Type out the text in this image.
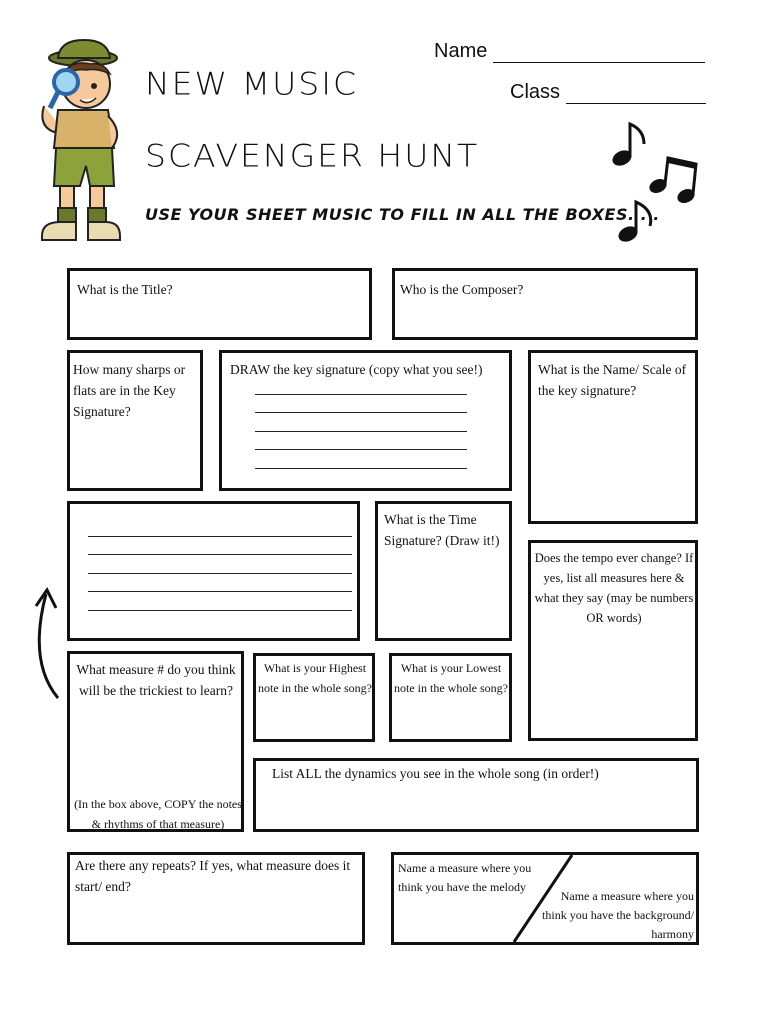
NEW MUSIC
SCAVENGER HUNT
USE YOUR SHEET MUSIC TO FILL IN ALL THE BOXES. . .
Name
Class
What is the Title?	Who is the Composer?
How many sharps or flats are in the Key Signature?
DRAW the key signature (copy what you see!)	What is the Name/ Scale of the key signature?
What is the Time Signature? (Draw it!)
Does the tempo ever change? If yes, list all measures here & what they say (may be numbers OR words)
What measure # do you think will be the trickiest to learn?
(In the box above, COPY the notes & rhythms of that measure)
What is your Highest note in the whole song?
What is your Lowest note in the whole song?
List ALL the dynamics you see in the whole song (in order!)
Are there any repeats? If yes, what measure does it start/ end?
Name a measure where you think you have the melody
Name a measure where you think you have the background/ harmony
